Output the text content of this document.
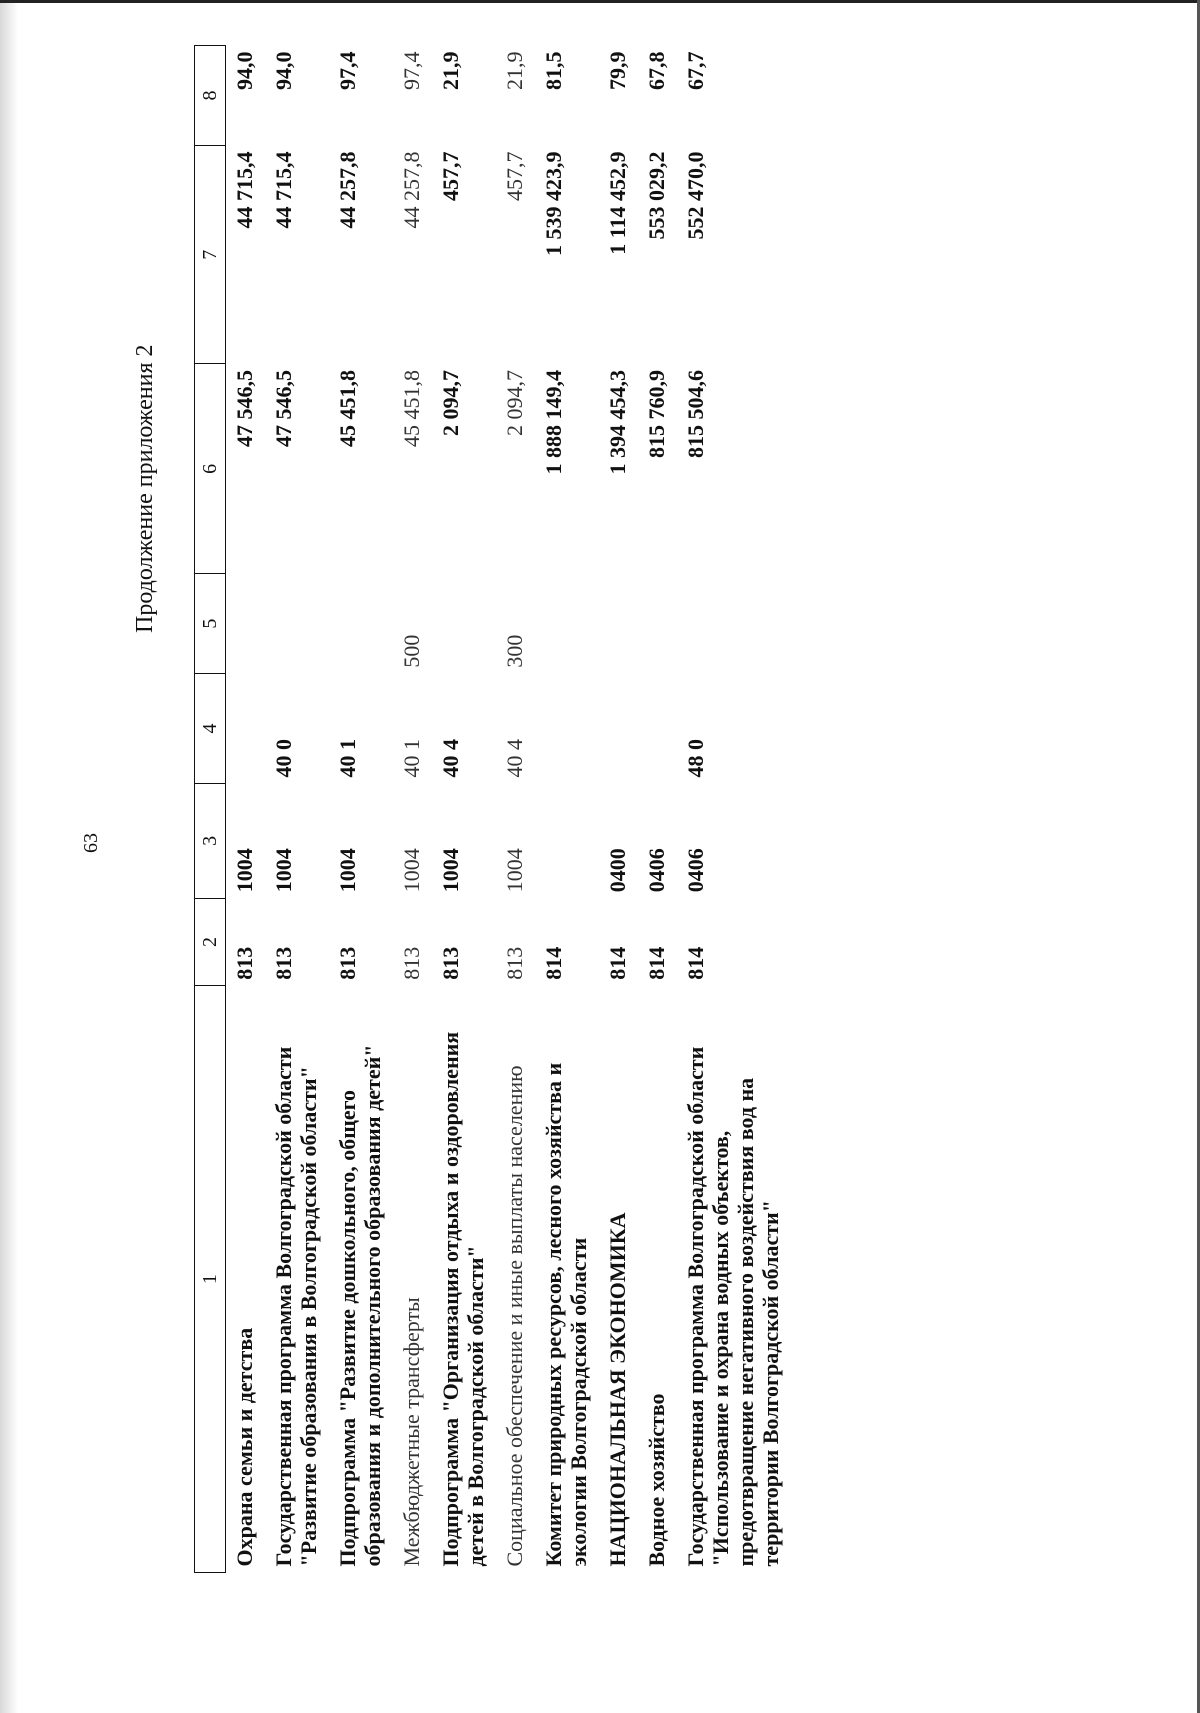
63
Продолжение приложения 2
1	2	3	4	5	6	7	8
Охрана семьи и детства	813	1004			47 546,5	44 715,4	94,0
Государственная программа Волгоградской области "Развитие образования в Волгоградской области"	813	1004	40 0		47 546,5	44 715,4	94,0
Подпрограмма "Развитие дошкольного, общего образования и дополнительного образования детей"	813	1004	40 1		45 451,8	44 257,8	97,4
Межбюджетные трансферты	813	1004	40 1	500	45 451,8	44 257,8	97,4
Подпрограмма "Организация отдыха и оздоровления детей в Волгоградской области"	813	1004	40 4		2 094,7	457,7	21,9
Социальное обеспечение и иные выплаты населению	813	1004	40 4	300	2 094,7	457,7	21,9
Комитет природных ресурсов, лесного хозяйства и экологии Волгоградской области	814				1 888 149,4	1 539 423,9	81,5
НАЦИОНАЛЬНАЯ ЭКОНОМИКА	814	0400			1 394 454,3	1 114 452,9	79,9
Водное хозяйство	814	0406			815 760,9	553 029,2	67,8
Государственная программа Волгоградской области "Использование и охрана водных объектов, предотвращение негативного воздействия вод на территории Волгоградской области"	814	0406	48 0		815 504,6	552 470,0	67,7
